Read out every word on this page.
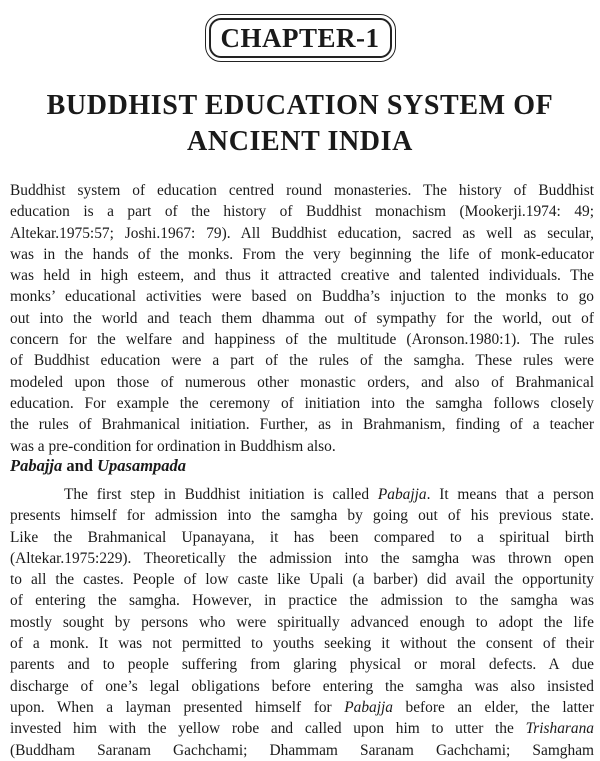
CHAPTER-1
BUDDHIST EDUCATION SYSTEM OF
ANCIENT INDIA
Buddhist system of education centred round monasteries. The history of Buddhist
education is a part of the history of Buddhist monachism (Mookerji.1974: 49;
Altekar.1975:57; Joshi.1967: 79). All Buddhist education, sacred as well as secular,
was in the hands of the monks. From the very beginning the life of monk-educator
was held in high esteem, and thus it attracted creative and talented individuals. The
monks’ educational activities were based on Buddha’s injuction to the monks to go
out into the world and teach them dhamma out of sympathy for the world, out of
concern for the welfare and happiness of the multitude (Aronson.1980:1). The rules
of Buddhist education were a part of the rules of the samgha. These rules were
modeled upon those of numerous other monastic orders, and also of Brahmanical
education. For example the ceremony of initiation into the samgha follows closely
the rules of Brahmanical initiation. Further, as in Brahmanism, finding of a teacher
was a pre-condition for ordination in Buddhism also.
Pabajja and Upasampada
The first step in Buddhist initiation is called Pabajja. It means that a person
presents himself for admission into the samgha by going out of his previous state.
Like the Brahmanical Upanayana, it has been compared to a spiritual birth
(Altekar.1975:229). Theoretically the admission into the samgha was thrown open
to all the castes. People of low caste like Upali (a barber) did avail the opportunity
of entering the samgha. However, in practice the admission to the samgha was
mostly sought by persons who were spiritually advanced enough to adopt the life
of a monk. It was not permitted to youths seeking it without the consent of their
parents and to people suffering from glaring physical or moral defects. A due
discharge of one’s legal obligations before entering the samgha was also insisted
upon. When a layman presented himself for Pabajja before an elder, the latter
invested him with the yellow robe and called upon him to utter the Trisharana
(Buddham Saranam Gachchami; Dhammam Saranam Gachchami; Samgham
